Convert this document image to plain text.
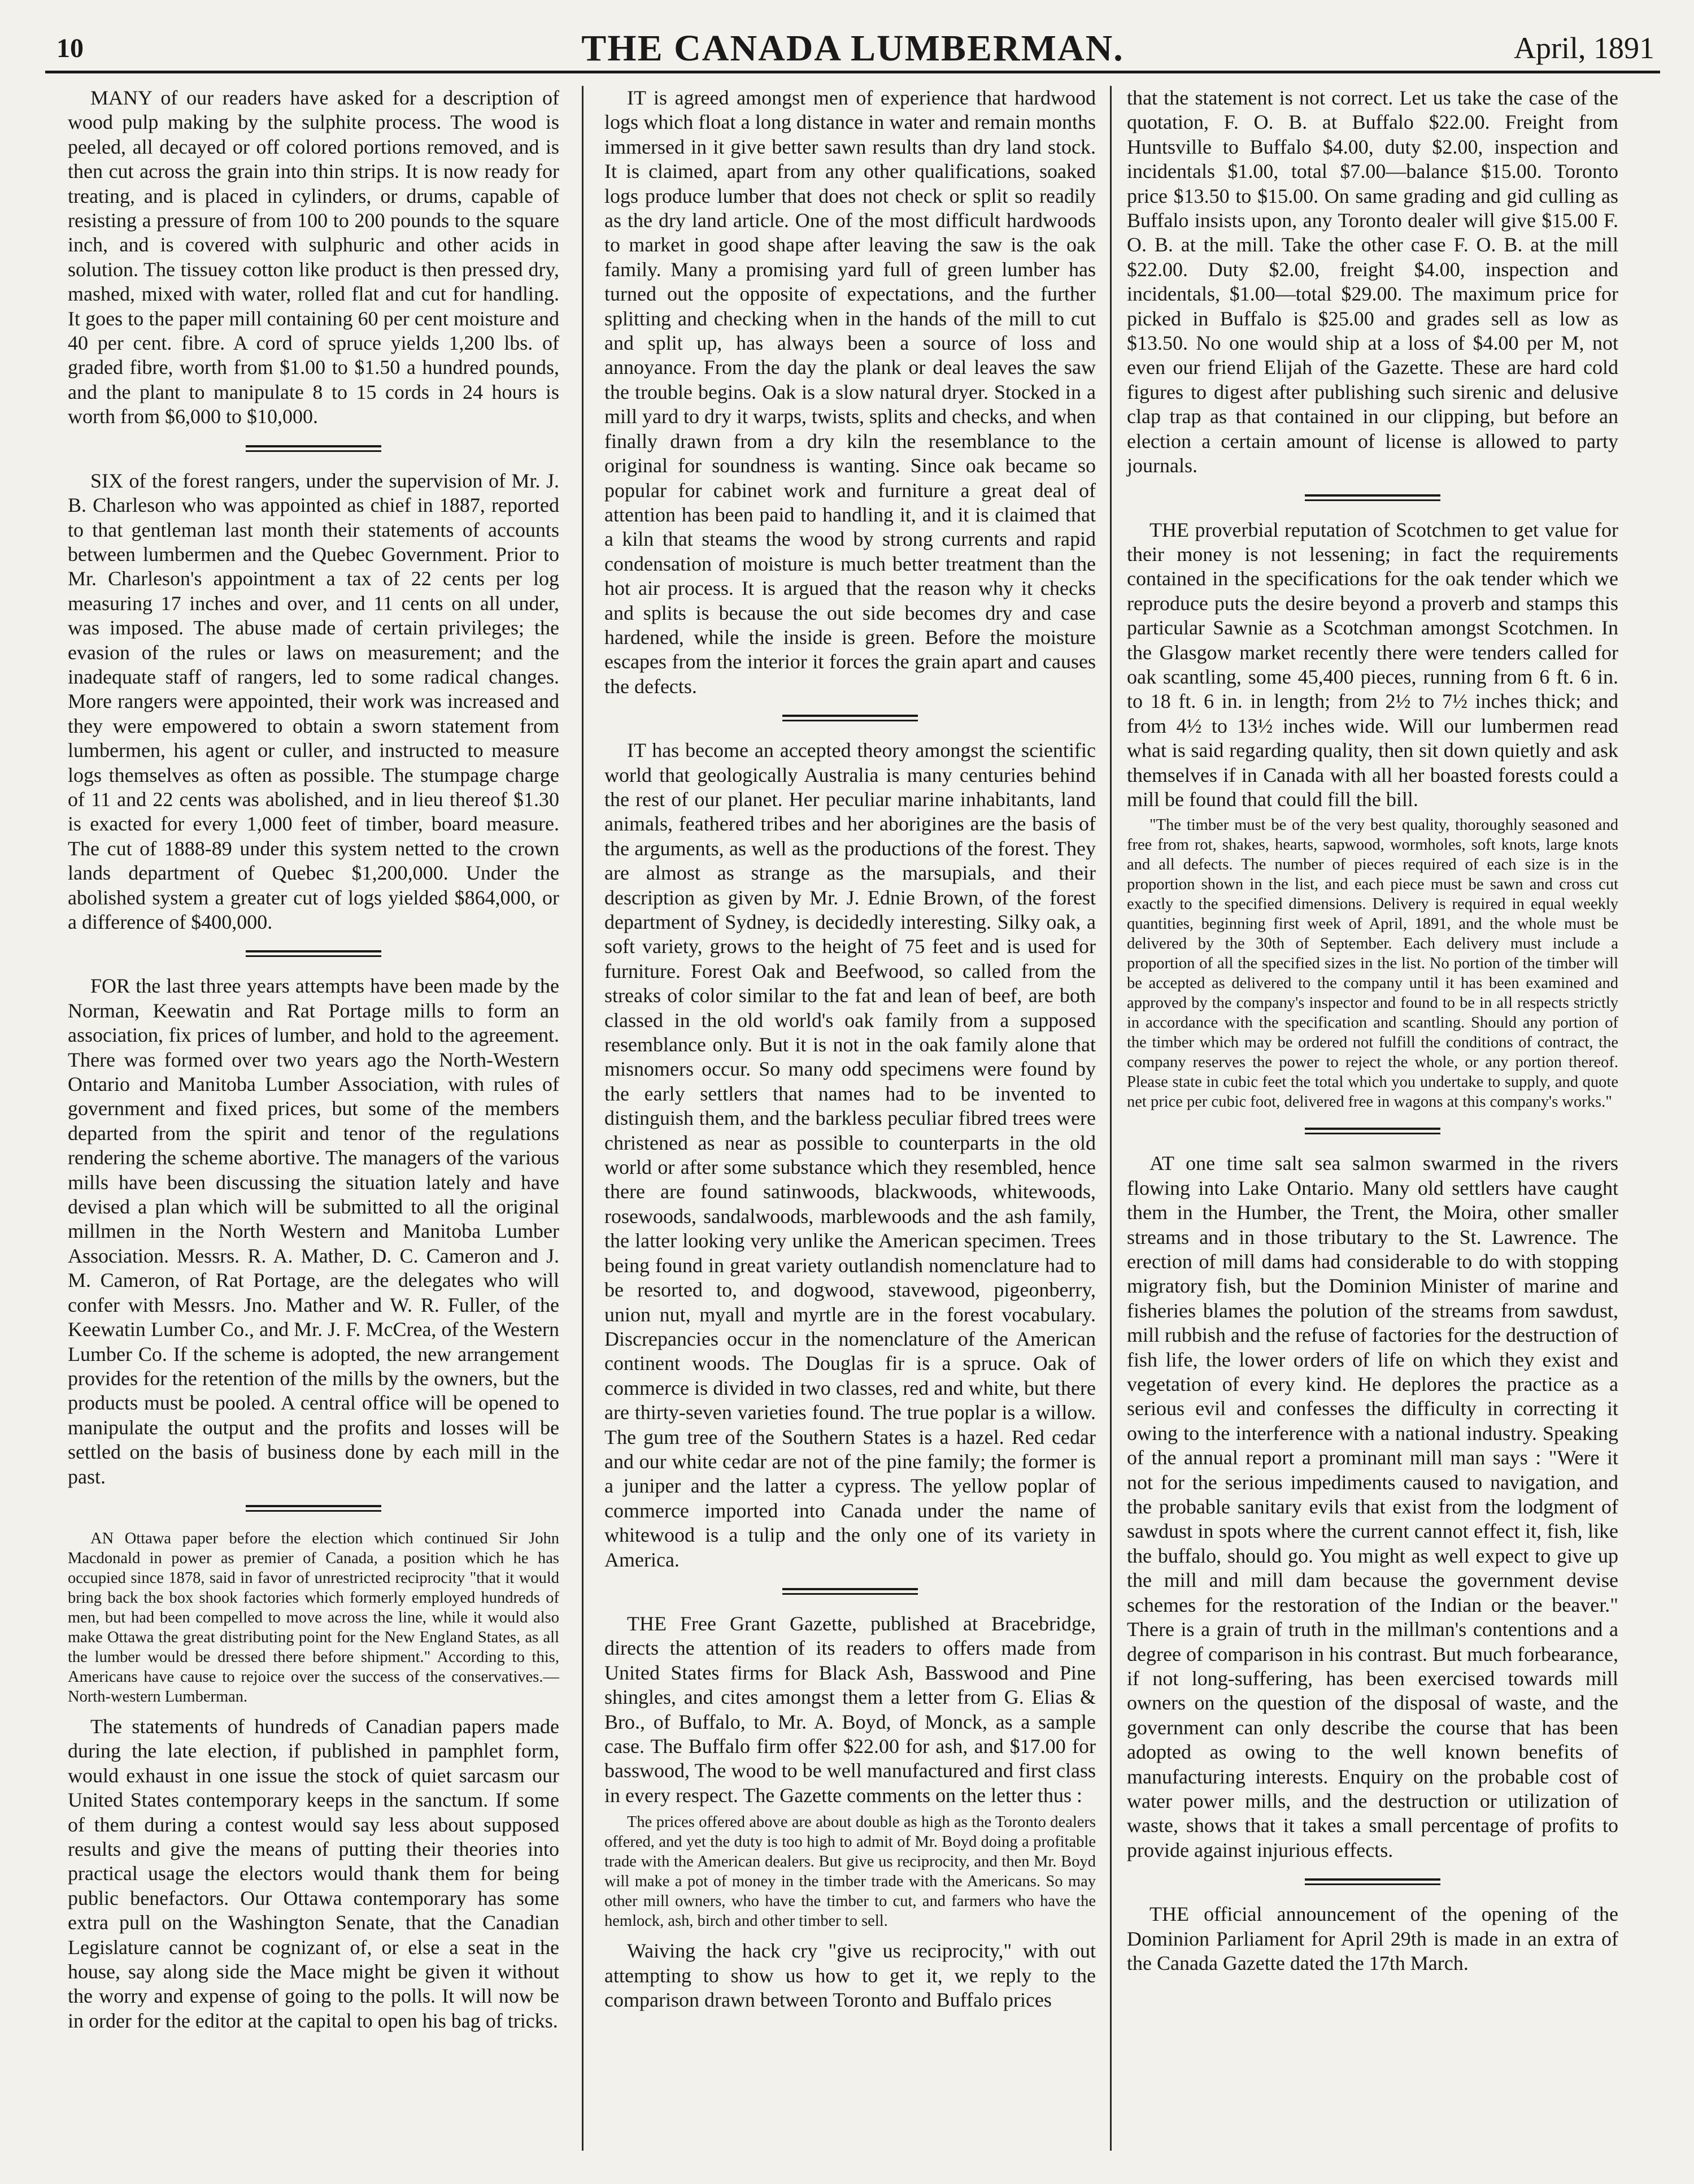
10	THE CANADA LUMBERMAN.	April, 1891

MANY of our readers have asked for a description of wood pulp making by the sulphite process. The wood is peeled, all decayed or off colored portions removed, and is then cut across the grain into thin strips. It is now ready for treating, and is placed in cylinders, or drums, capable of resisting a pressure of from 100 to 200 pounds to the square inch, and is covered with sulphuric and other acids in solution. The tissuey cotton like product is then pressed dry, mashed, mixed with water, rolled flat and cut for handling. It goes to the paper mill containing 60 per cent moisture and 40 per cent. fibre. A cord of spruce yields 1,200 lbs. of graded fibre, worth from $1.00 to $1.50 a hundred pounds, and the plant to manipulate 8 to 15 cords in 24 hours is worth from $6,000 to $10,000.

SIX of the forest rangers, under the supervision of Mr. J. B. Charleson who was appointed as chief in 1887, reported to that gentleman last month their statements of accounts between lumbermen and the Quebec Government. Prior to Mr. Charleson's appointment a tax of 22 cents per log measuring 17 inches and over, and 11 cents on all under, was imposed. The abuse made of certain privileges; the evasion of the rules or laws on measurement; and the inadequate staff of rangers, led to some radical changes. More rangers were appointed, their work was increased and they were empowered to obtain a sworn statement from lumbermen, his agent or culler, and instructed to measure logs themselves as often as possible. The stumpage charge of 11 and 22 cents was abolished, and in lieu thereof $1.30 is exacted for every 1,000 feet of timber, board measure. The cut of 1888-89 under this system netted to the crown lands department of Quebec $1,200,000. Under the abolished system a greater cut of logs yielded $864,000, or a difference of $400,000.

FOR the last three years attempts have been made by the Norman, Keewatin and Rat Portage mills to form an association, fix prices of lumber, and hold to the agreement. There was formed over two years ago the North-Western Ontario and Manitoba Lumber Association, with rules of government and fixed prices, but some of the members departed from the spirit and tenor of the regulations rendering the scheme abortive. The managers of the various mills have been discussing the situation lately and have devised a plan which will be submitted to all the original millmen in the North Western and Manitoba Lumber Association. Messrs. R. A. Mather, D. C. Cameron and J. M. Cameron, of Rat Portage, are the delegates who will confer with Messrs. Jno. Mather and W. R. Fuller, of the Keewatin Lumber Co., and Mr. J. F. McCrea, of the Western Lumber Co. If the scheme is adopted, the new arrangement provides for the retention of the mills by the owners, but the products must be pooled. A central office will be opened to manipulate the output and the profits and losses will be settled on the basis of business done by each mill in the past.

AN Ottawa paper before the election which continued Sir John Macdonald in power as premier of Canada, a position which he has occupied since 1878, said in favor of unrestricted reciprocity "that it would bring back the box shook factories which formerly employed hundreds of men, but had been compelled to move across the line, while it would also make Ottawa the great distributing point for the New England States, as all the lumber would be dressed there before shipment." According to this, Americans have cause to rejoice over the success of the conservatives.—North-western Lumberman.

The statements of hundreds of Canadian papers made during the late election, if published in pamphlet form, would exhaust in one issue the stock of quiet sarcasm our United States contemporary keeps in the sanctum. If some of them during a contest would say less about supposed results and give the means of putting their theories into practical usage the electors would thank them for being public benefactors. Our Ottawa contemporary has some extra pull on the Washington Senate, that the Canadian Legislature cannot be cognizant of, or else a seat in the house, say along side the Mace might be given it without the worry and expense of going to the polls. It will now be in order for the editor at the capital to open his bag of tricks.

IT is agreed amongst men of experience that hardwood logs which float a long distance in water and remain months immersed in it give better sawn results than dry land stock. It is claimed, apart from any other qualifications, soaked logs produce lumber that does not check or split so readily as the dry land article. One of the most difficult hardwoods to market in good shape after leaving the saw is the oak family. Many a promising yard full of green lumber has turned out the opposite of expectations, and the further splitting and checking when in the hands of the mill to cut and split up, has always been a source of loss and annoyance. From the day the plank or deal leaves the saw the trouble begins. Oak is a slow natural dryer. Stocked in a mill yard to dry it warps, twists, splits and checks, and when finally drawn from a dry kiln the resemblance to the original for soundness is wanting. Since oak became so popular for cabinet work and furniture a great deal of attention has been paid to handling it, and it is claimed that a kiln that steams the wood by strong currents and rapid condensation of moisture is much better treatment than the hot air process. It is argued that the reason why it checks and splits is because the out side becomes dry and case hardened, while the inside is green. Before the moisture escapes from the interior it forces the grain apart and causes the defects.

IT has become an accepted theory amongst the scientific world that geologically Australia is many centuries behind the rest of our planet. Her peculiar marine inhabitants, land animals, feathered tribes and her aborigines are the basis of the arguments, as well as the productions of the forest. They are almost as strange as the marsupials, and their description as given by Mr. J. Ednie Brown, of the forest department of Sydney, is decidedly interesting. Silky oak, a soft variety, grows to the height of 75 feet and is used for furniture. Forest Oak and Beefwood, so called from the streaks of color similar to the fat and lean of beef, are both classed in the old world's oak family from a supposed resemblance only. But it is not in the oak family alone that misnomers occur. So many odd specimens were found by the early settlers that names had to be invented to distinguish them, and the barkless peculiar fibred trees were christened as near as possible to counterparts in the old world or after some substance which they resembled, hence there are found satinwoods, blackwoods, whitewoods, rosewoods, sandalwoods, marblewoods and the ash family, the latter looking very unlike the American specimen. Trees being found in great variety outlandish nomenclature had to be resorted to, and dogwood, stavewood, pigeonberry, union nut, myall and myrtle are in the forest vocabulary. Discrepancies occur in the nomenclature of the American continent woods. The Douglas fir is a spruce. Oak of commerce is divided in two classes, red and white, but there are thirty-seven varieties found. The true poplar is a willow. The gum tree of the Southern States is a hazel. Red cedar and our white cedar are not of the pine family; the former is a juniper and the latter a cypress. The yellow poplar of commerce imported into Canada under the name of whitewood is a tulip and the only one of its variety in America.

THE Free Grant Gazette, published at Bracebridge, directs the attention of its readers to offers made from United States firms for Black Ash, Basswood and Pine shingles, and cites amongst them a letter from G. Elias & Bro., of Buffalo, to Mr. A. Boyd, of Monck, as a sample case. The Buffalo firm offer $22.00 for ash, and $17.00 for basswood, The wood to be well manufactured and first class in every respect. The Gazette comments on the letter thus :

The prices offered above are about double as high as the Toronto dealers offered, and yet the duty is too high to admit of Mr. Boyd doing a profitable trade with the American dealers. But give us reciprocity, and then Mr. Boyd will make a pot of money in the timber trade with the Americans. So may other mill owners, who have the timber to cut, and farmers who have the hemlock, ash, birch and other timber to sell.

Waiving the hack cry "give us reciprocity," with out attempting to show us how to get it, we reply to the comparison drawn between Toronto and Buffalo prices

that the statement is not correct. Let us take the case of the quotation, F. O. B. at Buffalo $22.00. Freight from Huntsville to Buffalo $4.00, duty $2.00, inspection and incidentals $1.00, total $7.00—balance $15.00. Toronto price $13.50 to $15.00. On same grading and gid culling as Buffalo insists upon, any Toronto dealer will give $15.00 F. O. B. at the mill. Take the other case F. O. B. at the mill $22.00. Duty $2.00, freight $4.00, inspection and incidentals, $1.00—total $29.00. The maximum price for picked in Buffalo is $25.00 and grades sell as low as $13.50. No one would ship at a loss of $4.00 per M, not even our friend Elijah of the Gazette. These are hard cold figures to digest after publishing such sirenic and delusive clap trap as that contained in our clipping, but before an election a certain amount of license is allowed to party journals.

THE proverbial reputation of Scotchmen to get value for their money is not lessening; in fact the requirements contained in the specifications for the oak tender which we reproduce puts the desire beyond a proverb and stamps this particular Sawnie as a Scotchman amongst Scotchmen. In the Glasgow market recently there were tenders called for oak scantling, some 45,400 pieces, running from 6 ft. 6 in. to 18 ft. 6 in. in length; from 2½ to 7½ inches thick; and from 4½ to 13½ inches wide. Will our lumbermen read what is said regarding quality, then sit down quietly and ask themselves if in Canada with all her boasted forests could a mill be found that could fill the bill.

"The timber must be of the very best quality, thoroughly seasoned and free from rot, shakes, hearts, sapwood, wormholes, soft knots, large knots and all defects. The number of pieces required of each size is in the proportion shown in the list, and each piece must be sawn and cross cut exactly to the specified dimensions. Delivery is required in equal weekly quantities, beginning first week of April, 1891, and the whole must be delivered by the 30th of September. Each delivery must include a proportion of all the specified sizes in the list. No portion of the timber will be accepted as delivered to the company until it has been examined and approved by the company's inspector and found to be in all respects strictly in accordance with the specification and scantling. Should any portion of the timber which may be ordered not fulfill the conditions of contract, the company reserves the power to reject the whole, or any portion thereof. Please state in cubic feet the total which you undertake to supply, and quote net price per cubic foot, delivered free in wagons at this company's works."

AT one time salt sea salmon swarmed in the rivers flowing into Lake Ontario. Many old settlers have caught them in the Humber, the Trent, the Moira, other smaller streams and in those tributary to the St. Lawrence. The erection of mill dams had considerable to do with stopping migratory fish, but the Dominion Minister of marine and fisheries blames the polution of the streams from sawdust, mill rubbish and the refuse of factories for the destruction of fish life, the lower orders of life on which they exist and vegetation of every kind. He deplores the practice as a serious evil and confesses the difficulty in correcting it owing to the interference with a national industry. Speaking of the annual report a prominant mill man says : "Were it not for the serious impediments caused to navigation, and the probable sanitary evils that exist from the lodgment of sawdust in spots where the current cannot effect it, fish, like the buffalo, should go. You might as well expect to give up the mill and mill dam because the government devise schemes for the restoration of the Indian or the beaver." There is a grain of truth in the millman's contentions and a degree of comparison in his contrast. But much forbearance, if not long-suffering, has been exercised towards mill owners on the question of the disposal of waste, and the government can only describe the course that has been adopted as owing to the well known benefits of manufacturing interests. Enquiry on the probable cost of water power mills, and the destruction or utilization of waste, shows that it takes a small percentage of profits to provide against injurious effects.

THE official announcement of the opening of the Dominion Parliament for April 29th is made in an extra of the Canada Gazette dated the 17th March.
